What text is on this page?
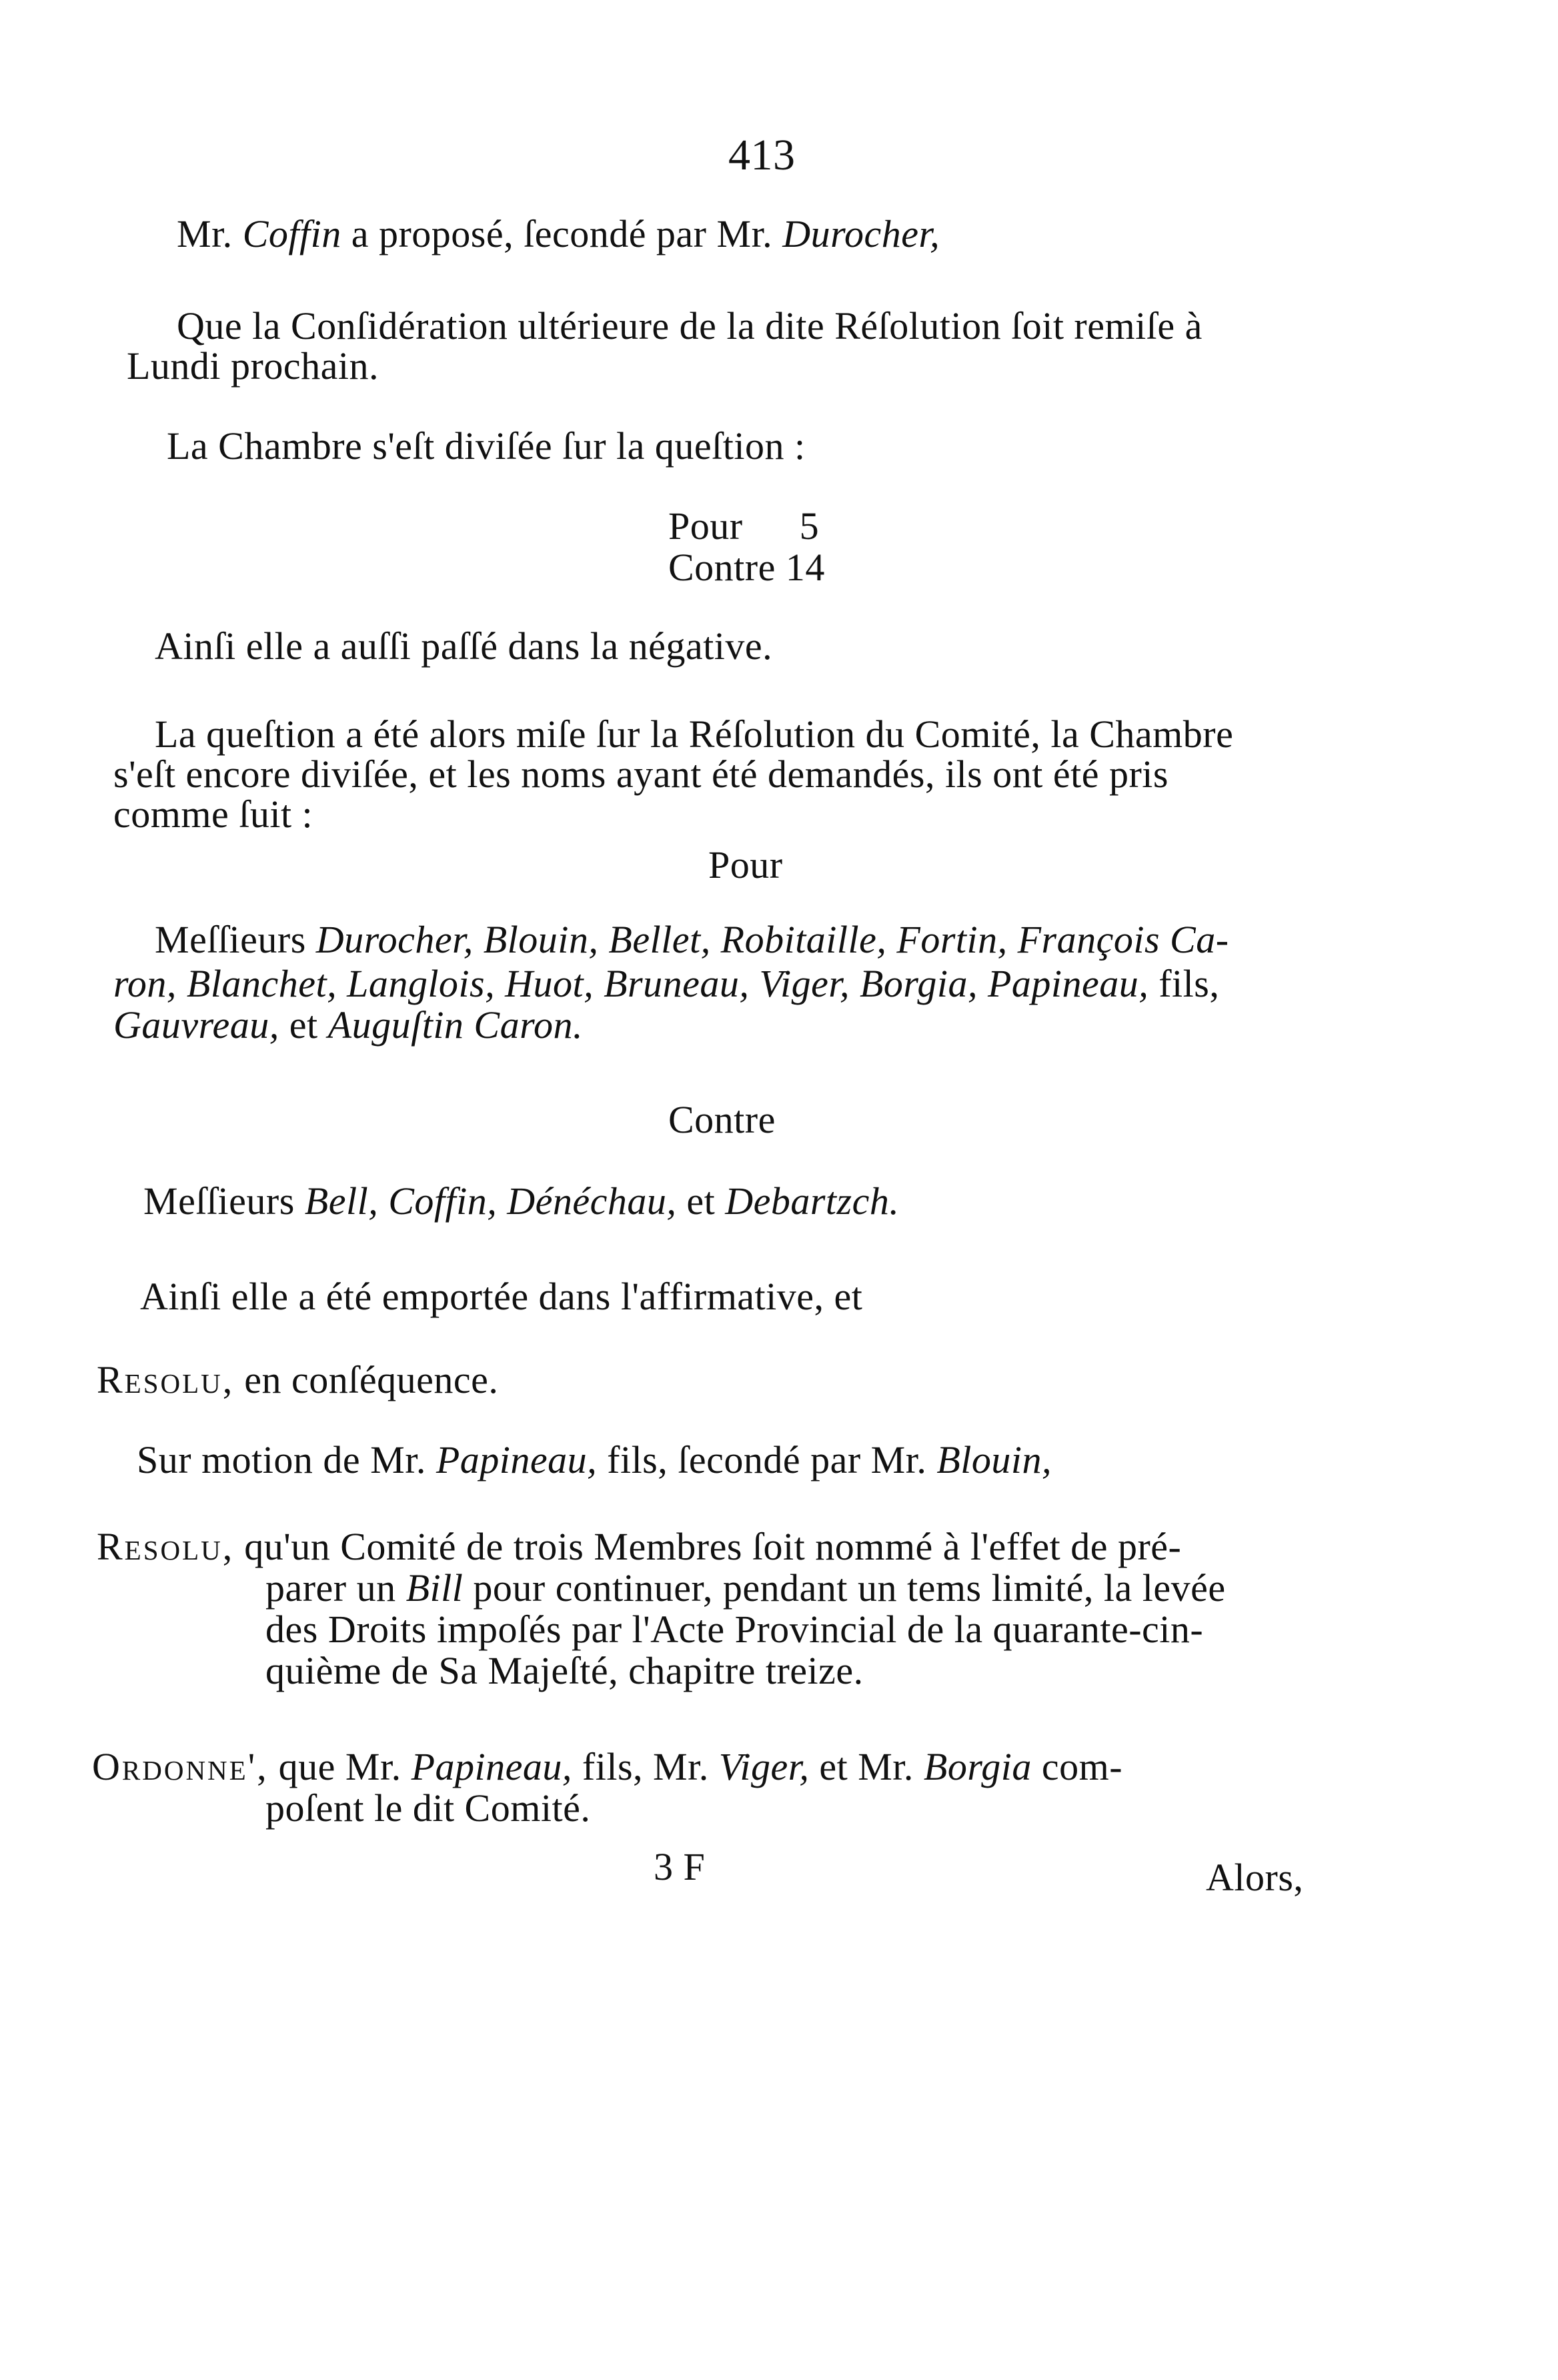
413
Mr. Coffin a proposé, ſecondé par Mr. Durocher,
Que la Conſidération ultérieure de la dite Réſolution ſoit remiſe à
Lundi prochain.
La Chambre s'eſt diviſée ſur la queſtion :
Pour 5
Contre 14
Ainſi elle a auſſi paſſé dans la négative.
La queſtion a été alors miſe ſur la Réſolution du Comité, la Chambre
s'eſt encore diviſée, et les noms ayant été demandés, ils ont été pris
comme ſuit :
Pour
Meſſieurs Durocher, Blouin, Bellet, Robitaille, Fortin, François Ca-
ron, Blanchet, Langlois, Huot, Bruneau, Viger, Borgia, Papineau, fils,
Gauvreau, et Auguſtin Caron.
Contre
Meſſieurs Bell, Coffin, Dénéchau, et Debartzch.
Ainſi elle a été emportée dans l'affirmative, et
Resolu, en conſéquence.
Sur motion de Mr. Papineau, fils, ſecondé par Mr. Blouin,
Resolu, qu'un Comité de trois Membres ſoit nommé à l'effet de pré-
parer un Bill pour continuer, pendant un tems limité, la levée
des Droits impoſés par l'Acte Provincial de la quarante-cin-
quième de Sa Majeſté, chapitre treize.
Ordonne', que Mr. Papineau, fils, Mr. Viger, et Mr. Borgia com-
poſent le dit Comité.
3 F	Alors,
